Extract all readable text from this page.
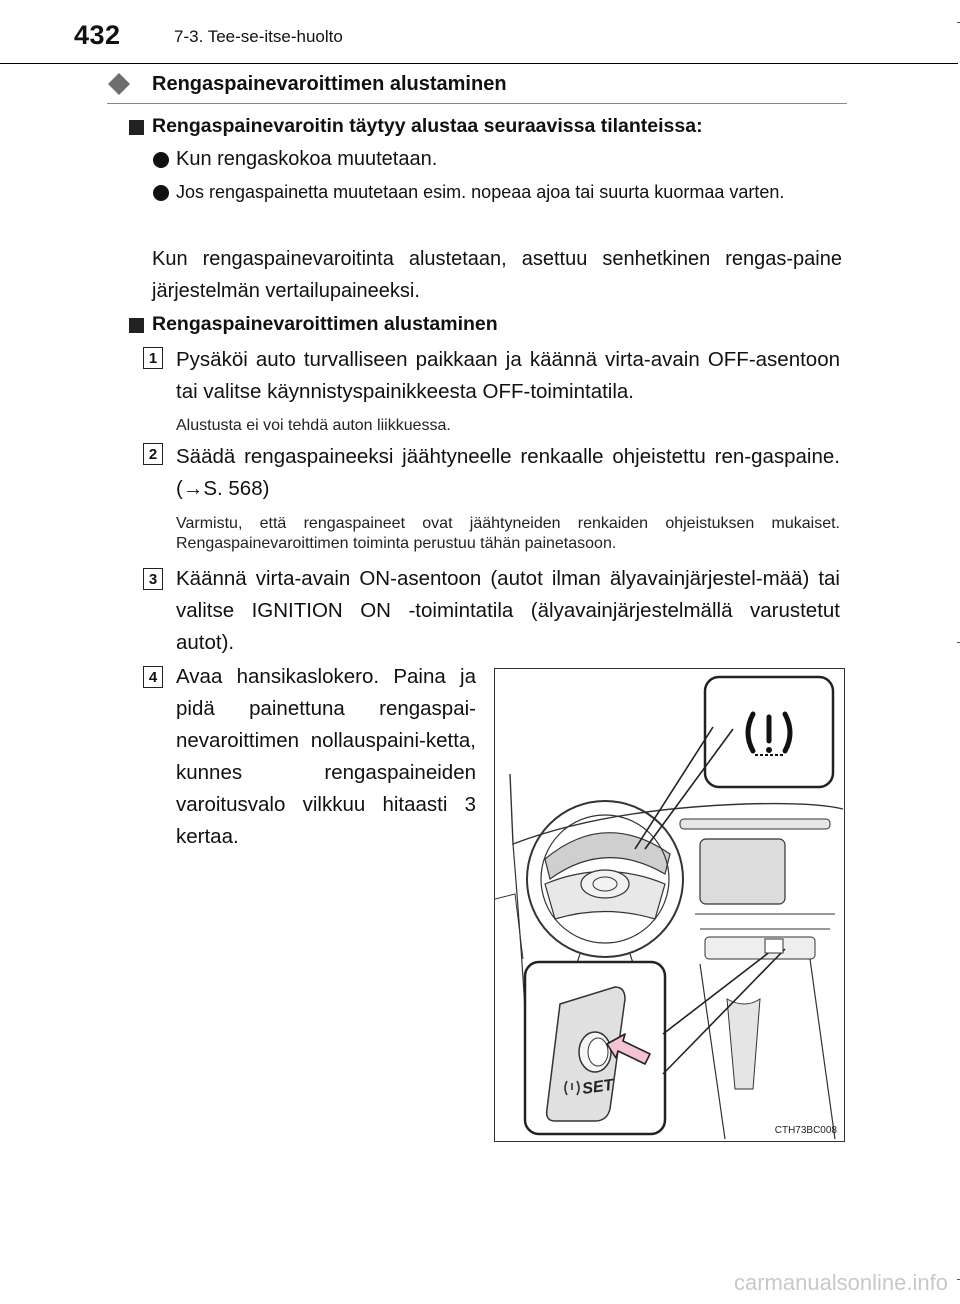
432	7-3. Tee-se-itse-huolto
Rengaspainevaroittimen alustaminen
Rengaspainevaroitin täytyy alustaa seuraavissa tilanteissa:
Kun rengaskokoa muutetaan.
Jos rengaspainetta muutetaan esim. nopeaa ajoa tai suurta kuormaa varten.
Kun rengaspainevaroitinta alustetaan, asettuu senhetkinen rengas-paine järjestelmän vertailupaineeksi.
Rengaspainevaroittimen alustaminen
1 Pysäköi auto turvalliseen paikkaan ja käännä virta-avain OFF-asentoon tai valitse käynnistyspainikkeesta OFF-toimintatila.
Alustusta ei voi tehdä auton liikkuessa.
2 Säädä rengaspaineeksi jäähtyneelle renkaalle ohjeistettu ren-gaspaine. (→S. 568)
Varmistu, että rengaspaineet ovat jäähtyneiden renkaiden ohjeistuksen mukaiset. Rengaspainevaroittimen toiminta perustuu tähän painetasoon.
3 Käännä virta-avain ON-asentoon (autot ilman älyavainjärjestel-mää) tai valitse IGNITION ON -toimintatila (älyavainjärjestelmällä varustetut autot).
4 Avaa hansikaslokero. Paina ja pidä painettuna rengaspai-nevaroittimen nollauspaini-ketta, kunnes rengaspaineiden varoitusvalo vilkkuu hitaasti 3 kertaa.
SET
CTH73BC008
carmanualsonline.info
